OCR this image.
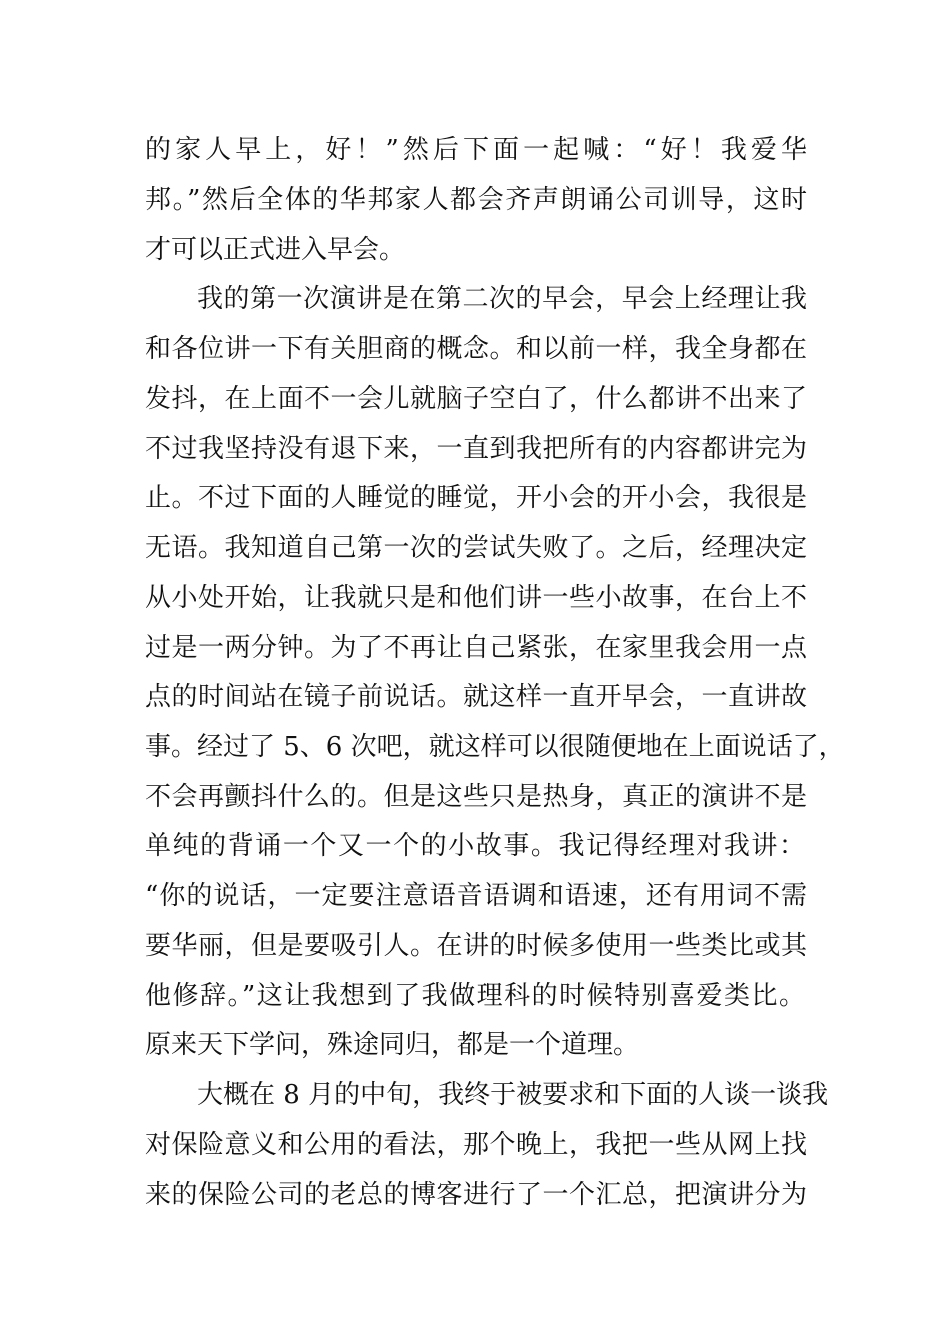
的家人早上，好！”然后下面一起喊：“好！我爱华
邦。”然后全体的华邦家人都会齐声朗诵公司训导，这时
才可以正式进入早会。
我的第一次演讲是在第二次的早会，早会上经理让我
和各位讲一下有关胆商的概念。和以前一样，我全身都在
发抖，在上面不一会儿就脑子空白了，什么都讲不出来了
不过我坚持没有退下来，一直到我把所有的内容都讲完为
止。不过下面的人睡觉的睡觉，开小会的开小会，我很是
无语。我知道自己第一次的尝试失败了。之后，经理决定
从小处开始，让我就只是和他们讲一些小故事，在台上不
过是一两分钟。为了不再让自己紧张，在家里我会用一点
点的时间站在镜子前说话。就这样一直开早会，一直讲故
事。经过了 5、6 次吧，就这样可以很随便地在上面说话了，
不会再颤抖什么的。但是这些只是热身，真正的演讲不是
单纯的背诵一个又一个的小故事。我记得经理对我讲：
“你的说话，一定要注意语音语调和语速，还有用词不需
要华丽，但是要吸引人。在讲的时候多使用一些类比或其
他修辞。”这让我想到了我做理科的时候特别喜爱类比。
原来天下学问，殊途同归，都是一个道理。
大概在 8 月的中旬，我终于被要求和下面的人谈一谈我
对保险意义和公用的看法，那个晚上，我把一些从网上找
来的保险公司的老总的博客进行了一个汇总，把演讲分为
